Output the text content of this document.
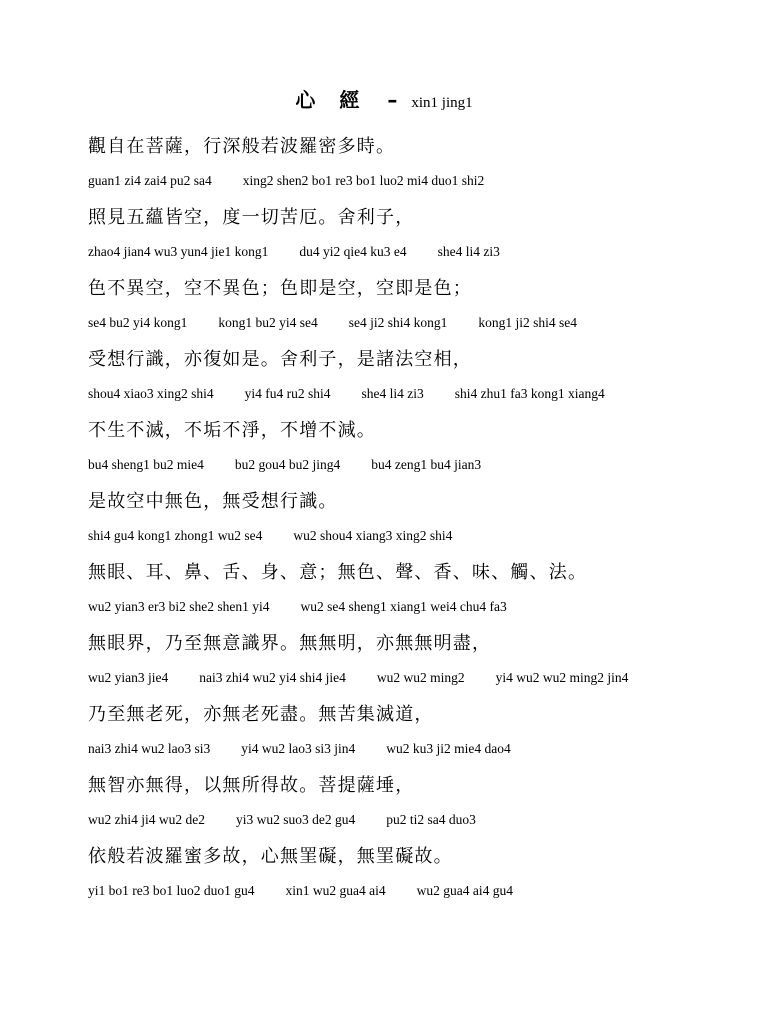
心經 – xin1 jing1
觀自在菩薩，行深般若波羅密多時。
guan1 zi4 zai4 pu2 sa4 xing2 shen2 bo1 re3 bo1 luo2 mi4 duo1 shi2
照見五蘊皆空，度一切苦厄。舍利子，
zhao4 jian4 wu3 yun4 jie1 kong1 du4 yi2 qie4 ku3 e4 she4 li4 zi3
色不異空，空不異色；色即是空，空即是色；
se4 bu2 yi4 kong1 kong1 bu2 yi4 se4 se4 ji2 shi4 kong1 kong1 ji2 shi4 se4
受想行識，亦復如是。舍利子，是諸法空相，
shou4 xiao3 xing2 shi4 yi4 fu4 ru2 shi4 she4 li4 zi3 shi4 zhu1 fa3 kong1 xiang4
不生不滅，不垢不淨，不增不減。
bu4 sheng1 bu2 mie4 bu2 gou4 bu2 jing4 bu4 zeng1 bu4 jian3
是故空中無色，無受想行識。
shi4 gu4 kong1 zhong1 wu2 se4 wu2 shou4 xiang3 xing2 shi4
無眼、耳、鼻、舌、身、意；無色、聲、香、味、觸、法。
wu2 yian3 er3 bi2 she2 shen1 yi4 wu2 se4 sheng1 xiang1 wei4 chu4 fa3
無眼界，乃至無意識界。無無明，亦無無明盡，
wu2 yian3 jie4 nai3 zhi4 wu2 yi4 shi4 jie4 wu2 wu2 ming2 yi4 wu2 wu2 ming2 jin4
乃至無老死，亦無老死盡。無苦集滅道，
nai3 zhi4 wu2 lao3 si3 yi4 wu2 lao3 si3 jin4 wu2 ku3 ji2 mie4 dao4
無智亦無得，以無所得故。菩提薩埵，
wu2 zhi4 ji4 wu2 de2 yi3 wu2 suo3 de2 gu4 pu2 ti2 sa4 duo3
依般若波羅蜜多故，心無罣礙，無罣礙故。
yi1 bo1 re3 bo1 luo2 duo1 gu4 xin1 wu2 gua4 ai4 wu2 gua4 ai4 gu4
